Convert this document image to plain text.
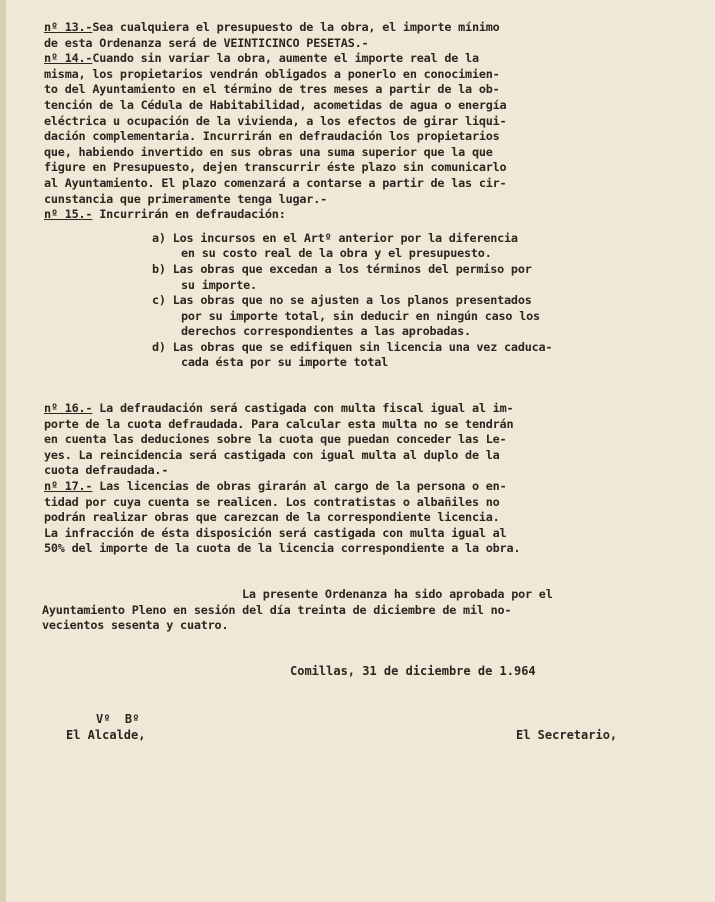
nº 13.-Sea cualquiera el presupuesto de la obra, el importe mínimo
de esta Ordenanza será de VEINTICINCO PESETAS.-
nº 14.-Cuando sin variar la obra, aumente el importe real de la
misma, los propietarios vendrán obligados a ponerlo en conocimien-
to del Ayuntamiento en el término de tres meses a partir de la ob-
tención de la Cédula de Habitabilidad, acometidas de agua o energía
eléctrica u ocupación de la vivienda, a los efectos de girar liqui-
dación complementaria. Incurrirán en defraudación los propietarios
que, habiendo invertido en sus obras una suma superior que la que
figure en Presupuesto, dejen transcurrir éste plazo sin comunicarlo
al Ayuntamiento. El plazo comenzará a contarse a partir de las cir-
cunstancia que primeramente tenga lugar.-
nº 15.- Incurrirán en defraudación:
a) Los incursos en el Artº anterior por la diferencia
en su costo real de la obra y el presupuesto.
b) Las obras que excedan a los términos del permiso por
su importe.
c) Las obras que no se ajusten a los planos presentados
por su importe total, sin deducir en ningún caso los
derechos correspondientes a las aprobadas.
d) Las obras que se edifiquen sin licencia una vez caduca-
cada ésta por su importe total
nº 16.- La defraudación será castigada con multa fiscal igual al im-
porte de la cuota defraudada. Para calcular esta multa no se tendrán
en cuenta las deduciones sobre la cuota que puedan conceder las Le-
yes. La reincidencia será castigada con igual multa al duplo de la
cuota defraudada.-
nº 17.- Las licencias de obras girarán al cargo de la persona o en-
tidad por cuya cuenta se realicen. Los contratistas o albañiles no
podrán realizar obras que carezcan de la correspondiente licencia.
La infracción de ésta disposición será castigada con multa igual al
50% del importe de la cuota de la licencia correspondiente a la obra.
La presente Ordenanza ha sido aprobada por el
Ayuntamiento Pleno en sesión del día treinta de diciembre de mil no-
vecientos sesenta y cuatro.
Comillas, 31 de diciembre de 1.964
Vº  Bº
El Alcalde,	El Secretario,
